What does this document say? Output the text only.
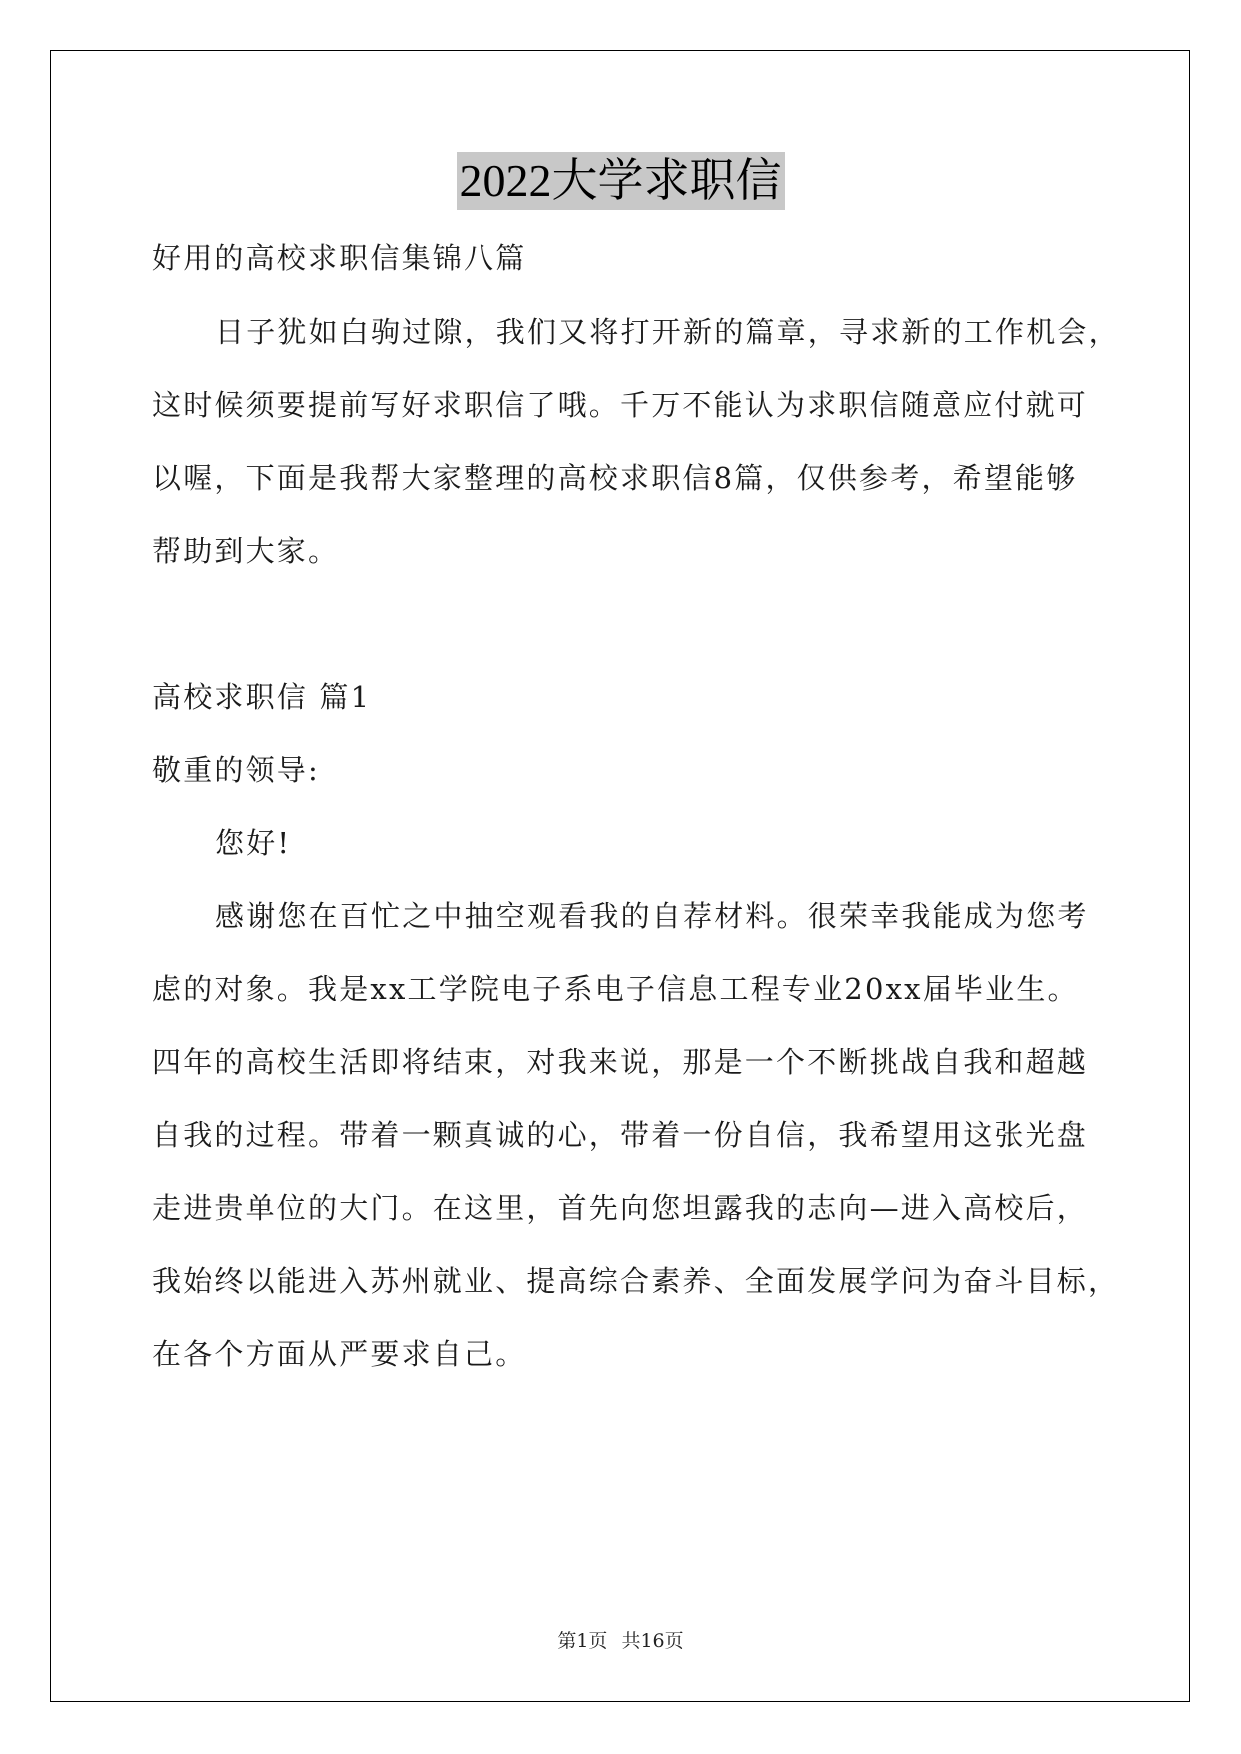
2022大学求职信
好用的高校求职信集锦八篇
日子犹如白驹过隙，我们又将打开新的篇章，寻求新的工作机会，
这时候须要提前写好求职信了哦。千万不能认为求职信随意应付就可
以喔，下面是我帮大家整理的高校求职信8篇，仅供参考，希望能够
帮助到大家。
高校求职信 篇1
敬重的领导:
您好!
感谢您在百忙之中抽空观看我的自荐材料。很荣幸我能成为您考
虑的对象。我是xx工学院电子系电子信息工程专业20xx届毕业生。
四年的高校生活即将结束，对我来说，那是一个不断挑战自我和超越
自我的过程。带着一颗真诚的心，带着一份自信，我希望用这张光盘
走进贵单位的大门。在这里，首先向您坦露我的志向—进入高校后，
我始终以能进入苏州就业、提高综合素养、全面发展学问为奋斗目标，
在各个方面从严要求自己。
第1页 共16页
